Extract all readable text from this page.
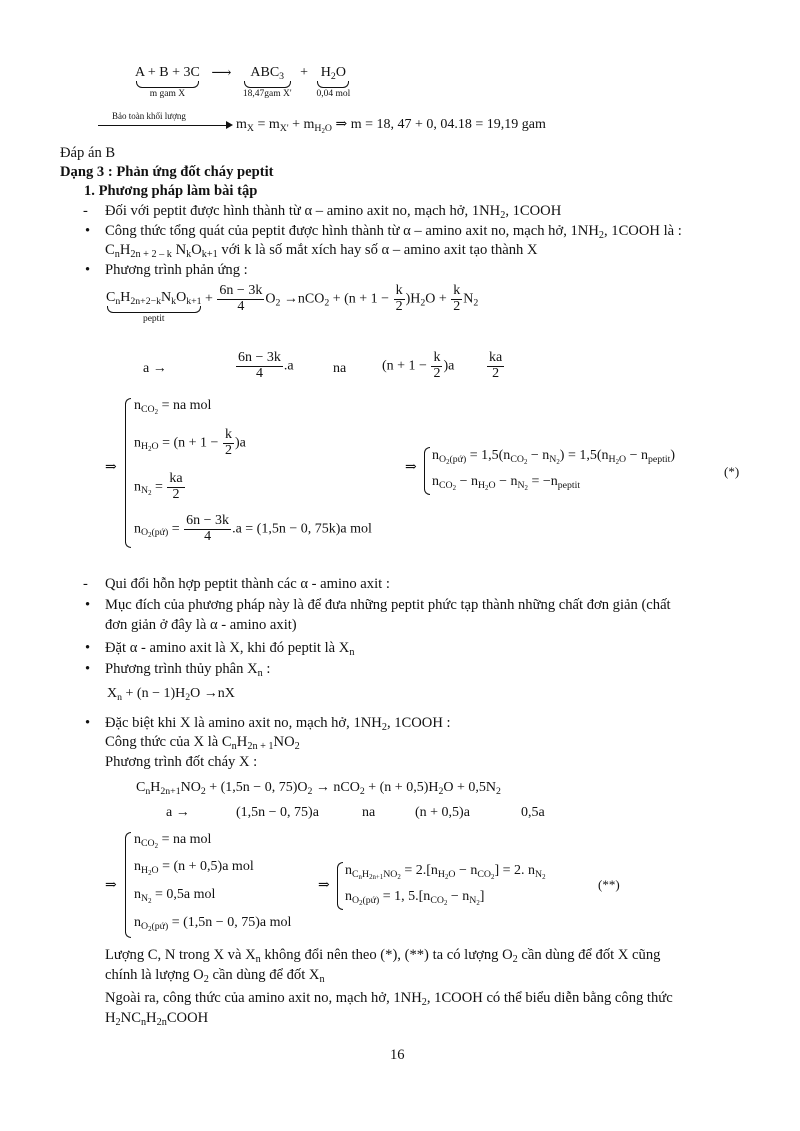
A + B + 3C
m gam X
⟶ $ABC_3$
18,47gam X'
+ $H_2O$
0,04 mol
Bảo toàn khối lượng
$m_X = m_{X'} + m_{H_2O}$ ⇒ m = 18, 47 + 0, 04.18 = 19,19 gam
Đáp án B
Dạng 3 : Phản ứng đốt cháy peptit
1. Phương pháp làm bài tập
- Đối với peptit được hình thành từ α – amino axit no, mạch hở, $1NH_2$, 1COOH
• Công thức tổng quát của peptit được hình thành từ α – amino axit no, mạch hở, $1NH_2$, 1COOH là :
$C_nH_{2n + 2 - k}$ $N_kO_{k+1}$ với k là số mắt xích hay số α – amino axit tạo thành X
• Phương trình phản ứng :
$C_nH_{2n+2-k}N_kO_{k+1}$
peptit
+ $\frac{6n - 3k}{4} O_2 \to nCO_2 + (n + 1 - \frac{k}{2} )H_2O + \frac{k}{2} N_2$
a →	$\frac{6n - 3k}{4} .a$	na	$(n + 1 - \frac{k}{2} )a \frac{ka}{2}$
⇒
$n_{CO_2}$ = na mol
$n_{H_2O} = (n + 1 - \frac{k}{2} )a$
$n_{N_2} = \frac{ka}{2}$
$n_{O_2(pứ)} = \frac{6n - 3k}{4} .a = (1,5n - 0$, 75k)a mol
⇒
$n_{O_2(pứ)} = 1,5(n_{CO_2} - n_{N_2}) = 1,5(n_{H_2O} - n_{peptit})$
$n_{CO_2} - n_{H_2O} - n_{N_2} = -n_{peptit}$
(*)
- Qui đổi hỗn hợp peptit thành các α - amino axit :
• Mục đích của phương pháp này là để đưa những peptit phức tạp thành những chất đơn giản (chất
đơn giản ở đây là α - amino axit)
• Đặt α - amino axit là X, khi đó peptit là $X_n$
• Phương trình thủy phân $X_n$ :
$X_n + (n - 1)H_2O \to nX$
• Đặc biệt khi X là amino axit no, mạch hở, $1NH_2$, 1COOH :
Công thức của X là $C_nH_{2n + 1}NO_2$
Phương trình đốt cháy X :
$C_nH_{2n+1}NO_2 + (1,5n - 0$, $75)O_2 \to nCO_2 + (n + 0,5)H_2O + 0,5N_2$
a →	(1,5n − 0, 75)a	na	(n + 0,5)a	0,5a
⇒
$n_{CO_2}$ = na mol
$n_{H_2O} = (n + 0,5)a$ mol
$n_{N_2} = 0,5a$ mol
$n_{O_2(pứ)} = (1,5n - 0$, 75)a mol
⇒
$n_{C_nH_{2n+1}NO_2} = 2.[n_{H_2O} - n_{CO_2}] = 2$. $n_{N_2}$
$n_{O_2(pứ)} = 1$, $5.[n_{CO_2} - n_{N_2}]$
(**)
Lượng C, N trong X và $X_n$ không đổi nên theo (*), (**) ta có lượng $O_2$ cần dùng để đốt X cũng
chính là lượng $O_2$ cần dùng để đốt $X_n$
Ngoài ra, công thức của amino axit no, mạch hở, $1NH_2$, 1COOH có thể biểu diễn bằng công thức
$H_2NC_nH_{2n}COOH$
16
